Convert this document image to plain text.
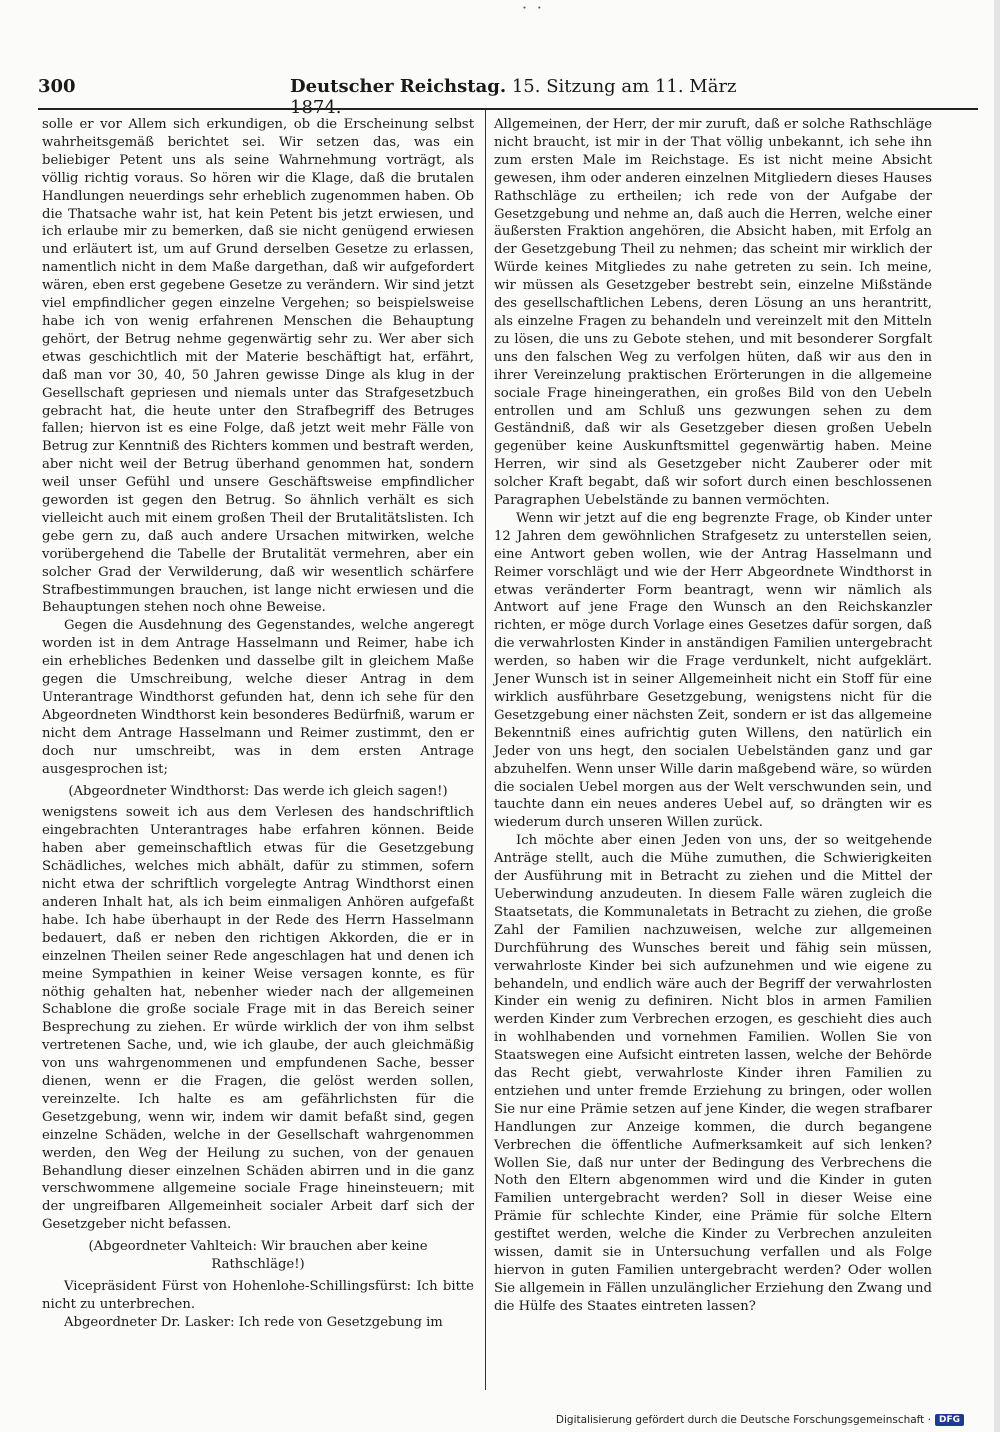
˙ ˙
300	Deutscher Reichstag. 15. Sitzung am 11. März 1874.

solle er vor Allem sich erkundigen, ob die Erscheinung selbst wahrheitsgemäß berichtet sei. Wir setzen das, was ein beliebiger Petent uns als seine Wahrnehmung vorträgt, als völlig richtig voraus. So hören wir die Klage, daß die brutalen Handlungen neuerdings sehr erheblich zugenommen haben. Ob die Thatsache wahr ist, hat kein Petent bis jetzt erwiesen, und ich erlaube mir zu bemerken, daß sie nicht genügend erwiesen und erläutert ist, um auf Grund derselben Gesetze zu erlassen, namentlich nicht in dem Maße dargethan, daß wir aufgefordert wären, eben erst gegebene Gesetze zu verändern. Wir sind jetzt viel empfindlicher gegen einzelne Vergehen; so beispielsweise habe ich von wenig erfahrenen Menschen die Behauptung gehört, der Betrug nehme gegenwärtig sehr zu. Wer aber sich etwas geschichtlich mit der Materie beschäftigt hat, erfährt, daß man vor 30, 40, 50 Jahren gewisse Dinge als klug in der Gesellschaft gepriesen und niemals unter das Strafgesetzbuch gebracht hat, die heute unter den Strafbegriff des Betruges fallen; hiervon ist es eine Folge, daß jetzt weit mehr Fälle von Betrug zur Kenntniß des Richters kommen und bestraft werden, aber nicht weil der Betrug überhand genommen hat, sondern weil unser Gefühl und unsere Geschäftsweise empfindlicher geworden ist gegen den Betrug. So ähnlich verhält es sich vielleicht auch mit einem großen Theil der Brutalitätslisten. Ich gebe gern zu, daß auch andere Ursachen mitwirken, welche vorübergehend die Tabelle der Brutalität vermehren, aber ein solcher Grad der Verwilderung, daß wir wesentlich schärfere Strafbestimmungen brauchen, ist lange nicht erwiesen und die Behauptungen stehen noch ohne Beweise.

Gegen die Ausdehnung des Gegenstandes, welche angeregt worden ist in dem Antrage Hasselmann und Reimer, habe ich ein erhebliches Bedenken und dasselbe gilt in gleichem Maße gegen die Umschreibung, welche dieser Antrag in dem Unterantrage Windthorst gefunden hat, denn ich sehe für den Abgeordneten Windthorst kein besonderes Bedürfniß, warum er nicht dem Antrage Hasselmann und Reimer zustimmt, den er doch nur umschreibt, was in dem ersten Antrage ausgesprochen ist;

(Abgeordneter Windthorst: Das werde ich gleich sagen!)

wenigstens soweit ich aus dem Verlesen des handschriftlich eingebrachten Unterantrages habe erfahren können. Beide haben aber gemeinschaftlich etwas für die Gesetzgebung Schädliches, welches mich abhält, dafür zu stimmen, sofern nicht etwa der schriftlich vorgelegte Antrag Windthorst einen anderen Inhalt hat, als ich beim einmaligen Anhören aufgefaßt habe. Ich habe überhaupt in der Rede des Herrn Hasselmann bedauert, daß er neben den richtigen Akkorden, die er in einzelnen Theilen seiner Rede angeschlagen hat und denen ich meine Sympathien in keiner Weise versagen konnte, es für nöthig gehalten hat, nebenher wieder nach der allgemeinen Schablone die große sociale Frage mit in das Bereich seiner Besprechung zu ziehen. Er würde wirklich der von ihm selbst vertretenen Sache, und, wie ich glaube, der auch gleichmäßig von uns wahrgenommenen und empfundenen Sache, besser dienen, wenn er die Fragen, die gelöst werden sollen, vereinzelte. Ich halte es am gefährlichsten für die Gesetzgebung, wenn wir, indem wir damit befaßt sind, gegen einzelne Schäden, welche in der Gesellschaft wahrgenommen werden, den Weg der Heilung zu suchen, von der genauen Behandlung dieser einzelnen Schäden abirren und in die ganz verschwommene allgemeine sociale Frage hineinsteuern; mit der ungreifbaren Allgemeinheit socialer Arbeit darf sich der Gesetzgeber nicht befassen.

(Abgeordneter Vahlteich: Wir brauchen aber keine Rathschläge!)

Vicepräsident Fürst von Hohenlohe-Schillingsfürst: Ich bitte nicht zu unterbrechen.

Abgeordneter Dr. Lasker: Ich rede von Gesetzgebung im

Allgemeinen, der Herr, der mir zuruft, daß er solche Rathschläge nicht braucht, ist mir in der That völlig unbekannt, ich sehe ihn zum ersten Male im Reichstage. Es ist nicht meine Absicht gewesen, ihm oder anderen einzelnen Mitgliedern dieses Hauses Rathschläge zu ertheilen; ich rede von der Aufgabe der Gesetzgebung und nehme an, daß auch die Herren, welche einer äußersten Fraktion angehören, die Absicht haben, mit Erfolg an der Gesetzgebung Theil zu nehmen; das scheint mir wirklich der Würde keines Mitgliedes zu nahe getreten zu sein. Ich meine, wir müssen als Gesetzgeber bestrebt sein, einzelne Mißstände des gesellschaftlichen Lebens, deren Lösung an uns herantritt, als einzelne Fragen zu behandeln und vereinzelt mit den Mitteln zu lösen, die uns zu Gebote stehen, und mit besonderer Sorgfalt uns den falschen Weg zu verfolgen hüten, daß wir aus den in ihrer Vereinzelung praktischen Erörterungen in die allgemeine sociale Frage hineingerathen, ein großes Bild von den Uebeln entrollen und am Schluß uns gezwungen sehen zu dem Geständniß, daß wir als Gesetzgeber diesen großen Uebeln gegenüber keine Auskunftsmittel gegenwärtig haben. Meine Herren, wir sind als Gesetzgeber nicht Zauberer oder mit solcher Kraft begabt, daß wir sofort durch einen beschlossenen Paragraphen Uebelstände zu bannen vermöchten.

Wenn wir jetzt auf die eng begrenzte Frage, ob Kinder unter 12 Jahren dem gewöhnlichen Strafgesetz zu unterstellen seien, eine Antwort geben wollen, wie der Antrag Hasselmann und Reimer vorschlägt und wie der Herr Abgeordnete Windthorst in etwas veränderter Form beantragt, wenn wir nämlich als Antwort auf jene Frage den Wunsch an den Reichskanzler richten, er möge durch Vorlage eines Gesetzes dafür sorgen, daß die verwahrlosten Kinder in anständigen Familien untergebracht werden, so haben wir die Frage verdunkelt, nicht aufgeklärt. Jener Wunsch ist in seiner Allgemeinheit nicht ein Stoff für eine wirklich ausführbare Gesetzgebung, wenigstens nicht für die Gesetzgebung einer nächsten Zeit, sondern er ist das allgemeine Bekenntniß eines aufrichtig guten Willens, den natürlich ein Jeder von uns hegt, den socialen Uebelständen ganz und gar abzuhelfen. Wenn unser Wille darin maßgebend wäre, so würden die socialen Uebel morgen aus der Welt verschwunden sein, und tauchte dann ein neues anderes Uebel auf, so drängten wir es wiederum durch unseren Willen zurück.

Ich möchte aber einen Jeden von uns, der so weitgehende Anträge stellt, auch die Mühe zumuthen, die Schwierigkeiten der Ausführung mit in Betracht zu ziehen und die Mittel der Ueberwindung anzudeuten. In diesem Falle wären zugleich die Staatsetats, die Kommunaletats in Betracht zu ziehen, die große Zahl der Familien nachzuweisen, welche zur allgemeinen Durchführung des Wunsches bereit und fähig sein müssen, verwahrloste Kinder bei sich aufzunehmen und wie eigene zu behandeln, und endlich wäre auch der Begriff der verwahrlosten Kinder ein wenig zu definiren. Nicht blos in armen Familien werden Kinder zum Verbrechen erzogen, es geschieht dies auch in wohlhabenden und vornehmen Familien. Wollen Sie von Staatswegen eine Aufsicht eintreten lassen, welche der Behörde das Recht giebt, verwahrloste Kinder ihren Familien zu entziehen und unter fremde Erziehung zu bringen, oder wollen Sie nur eine Prämie setzen auf jene Kinder, die wegen strafbarer Handlungen zur Anzeige kommen, die durch begangene Verbrechen die öffentliche Aufmerksamkeit auf sich lenken? Wollen Sie, daß nur unter der Bedingung des Verbrechens die Noth den Eltern abgenommen wird und die Kinder in guten Familien untergebracht werden? Soll in dieser Weise eine Prämie für schlechte Kinder, eine Prämie für solche Eltern gestiftet werden, welche die Kinder zu Verbrechen anzuleiten wissen, damit sie in Untersuchung verfallen und als Folge hiervon in guten Familien untergebracht werden? Oder wollen Sie allgemein in Fällen unzulänglicher Erziehung den Zwang und die Hülfe des Staates eintreten lassen?

Digitalisierung gefördert durch die Deutsche Forschungsgemeinschaft · DFG
